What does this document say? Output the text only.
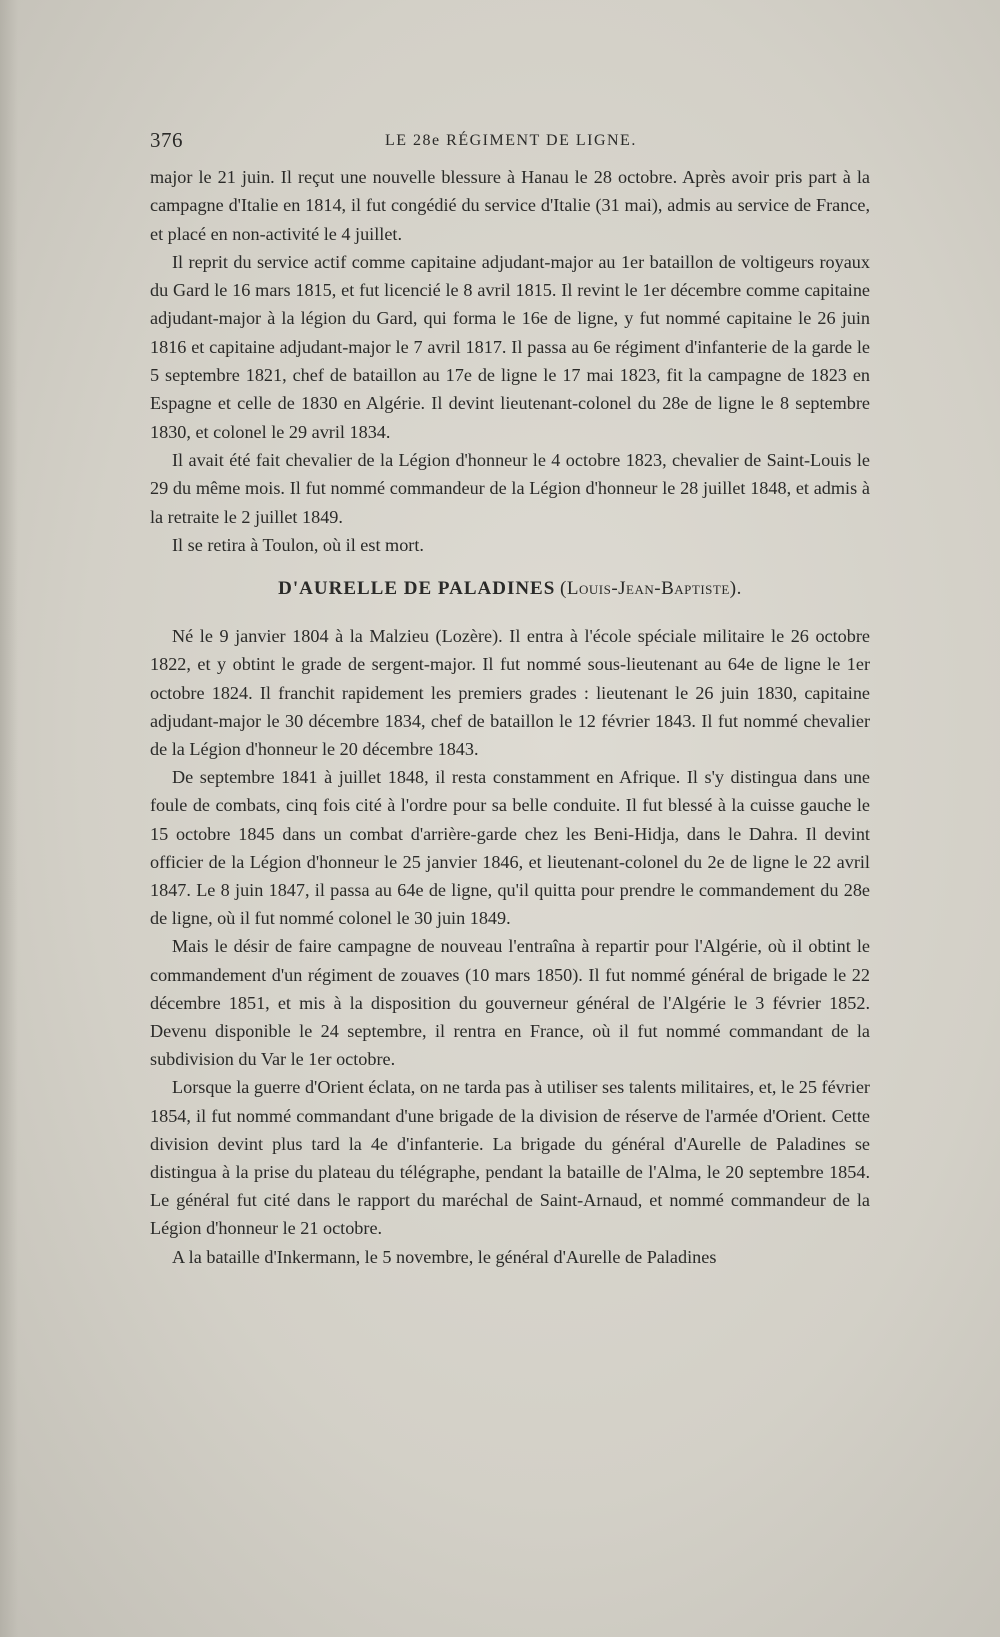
376	LE 28e RÉGIMENT DE LIGNE.

major le 21 juin. Il reçut une nouvelle blessure à Hanau le 28 octobre. Après avoir pris part à la campagne d'Italie en 1814, il fut congédié du service d'Italie (31 mai), admis au service de France, et placé en non-activité le 4 juillet.

Il reprit du service actif comme capitaine adjudant-major au 1er bataillon de voltigeurs royaux du Gard le 16 mars 1815, et fut licencié le 8 avril 1815. Il revint le 1er décembre comme capitaine adjudant-major à la légion du Gard, qui forma le 16e de ligne, y fut nommé capitaine le 26 juin 1816 et capitaine adjudant-major le 7 avril 1817. Il passa au 6e régiment d'infanterie de la garde le 5 septembre 1821, chef de bataillon au 17e de ligne le 17 mai 1823, fit la campagne de 1823 en Espagne et celle de 1830 en Algérie. Il devint lieutenant-colonel du 28e de ligne le 8 septembre 1830, et colonel le 29 avril 1834.

Il avait été fait chevalier de la Légion d'honneur le 4 octobre 1823, chevalier de Saint-Louis le 29 du même mois. Il fut nommé commandeur de la Légion d'honneur le 28 juillet 1848, et admis à la retraite le 2 juillet 1849.

Il se retira à Toulon, où il est mort.

D'AURELLE DE PALADINES (Louis-Jean-Baptiste).

Né le 9 janvier 1804 à la Malzieu (Lozère). Il entra à l'école spéciale militaire le 26 octobre 1822, et y obtint le grade de sergent-major. Il fut nommé sous-lieutenant au 64e de ligne le 1er octobre 1824. Il franchit rapidement les premiers grades : lieutenant le 26 juin 1830, capitaine adjudant-major le 30 décembre 1834, chef de bataillon le 12 février 1843. Il fut nommé chevalier de la Légion d'honneur le 20 décembre 1843.

De septembre 1841 à juillet 1848, il resta constamment en Afrique. Il s'y distingua dans une foule de combats, cinq fois cité à l'ordre pour sa belle conduite. Il fut blessé à la cuisse gauche le 15 octobre 1845 dans un combat d'arrière-garde chez les Beni-Hidja, dans le Dahra. Il devint officier de la Légion d'honneur le 25 janvier 1846, et lieutenant-colonel du 2e de ligne le 22 avril 1847. Le 8 juin 1847, il passa au 64e de ligne, qu'il quitta pour prendre le commandement du 28e de ligne, où il fut nommé colonel le 30 juin 1849.

Mais le désir de faire campagne de nouveau l'entraîna à repartir pour l'Algérie, où il obtint le commandement d'un régiment de zouaves (10 mars 1850). Il fut nommé général de brigade le 22 décembre 1851, et mis à la disposition du gouverneur général de l'Algérie le 3 février 1852. Devenu disponible le 24 septembre, il rentra en France, où il fut nommé commandant de la subdivision du Var le 1er octobre.

Lorsque la guerre d'Orient éclata, on ne tarda pas à utiliser ses talents militaires, et, le 25 février 1854, il fut nommé commandant d'une brigade de la division de réserve de l'armée d'Orient. Cette division devint plus tard la 4e d'infanterie. La brigade du général d'Aurelle de Paladines se distingua à la prise du plateau du télégraphe, pendant la bataille de l'Alma, le 20 septembre 1854. Le général fut cité dans le rapport du maréchal de Saint-Arnaud, et nommé commandeur de la Légion d'honneur le 21 octobre.

A la bataille d'Inkermann, le 5 novembre, le général d'Aurelle de Paladines
